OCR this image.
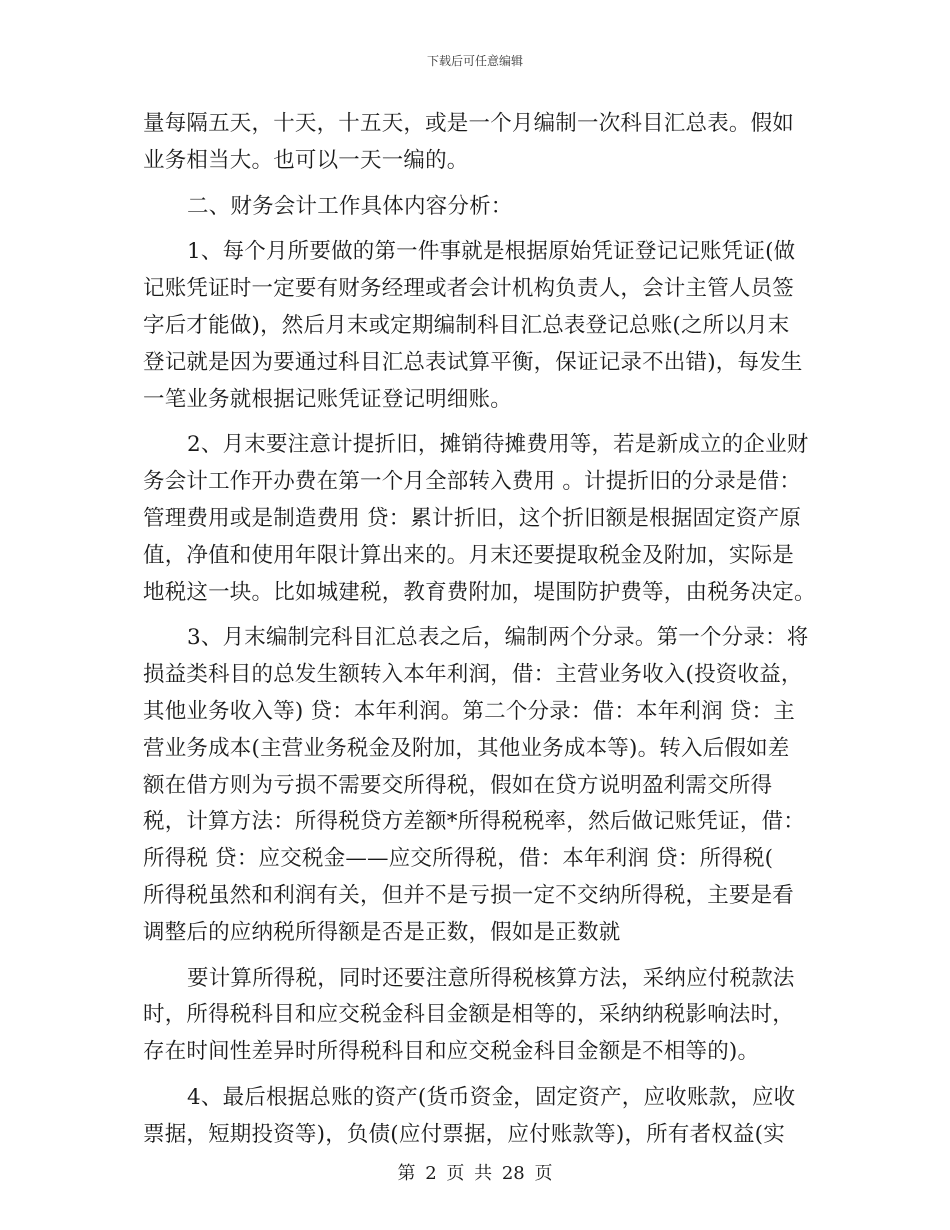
下载后可任意编辑
量每隔五天，十天，十五天，或是一个月编制一次科目汇总表。假如
业务相当大。也可以一天一编的。
二、财务会计工作具体内容分析：
1、每个月所要做的第一件事就是根据原始凭证登记记账凭证(做
记账凭证时一定要有财务经理或者会计机构负责人，会计主管人员签
字后才能做)，然后月末或定期编制科目汇总表登记总账(之所以月末
登记就是因为要通过科目汇总表试算平衡，保证记录不出错)，每发生
一笔业务就根据记账凭证登记明细账。
2、月末要注意计提折旧，摊销待摊费用等，若是新成立的企业财
务会计工作开办费在第一个月全部转入费用 。计提折旧的分录是借：
管理费用或是制造费用 贷：累计折旧，这个折旧额是根据固定资产原
值，净值和使用年限计算出来的。月末还要提取税金及附加，实际是
地税这一块。比如城建税，教育费附加，堤围防护费等，由税务决定。
3、月末编制完科目汇总表之后，编制两个分录。第一个分录：将
损益类科目的总发生额转入本年利润，借：主营业务收入(投资收益，
其他业务收入等) 贷：本年利润。第二个分录：借：本年利润 贷：主
营业务成本(主营业务税金及附加，其他业务成本等)。转入后假如差
额在借方则为亏损不需要交所得税，假如在贷方说明盈利需交所得
税，计算方法：所得税贷方差额*所得税税率，然后做记账凭证，借：
所得税 贷：应交税金——应交所得税，借：本年利润 贷：所得税(
所得税虽然和利润有关，但并不是亏损一定不交纳所得税，主要是看
调整后的应纳税所得额是否是正数，假如是正数就
要计算所得税，同时还要注意所得税核算方法，采纳应付税款法
时，所得税科目和应交税金科目金额是相等的，采纳纳税影响法时，
存在时间性差异时所得税科目和应交税金科目金额是不相等的)。
4、最后根据总账的资产(货币资金，固定资产，应收账款，应收
票据，短期投资等)，负债(应付票据，应付账款等)，所有者权益(实
第 2 页 共 28 页
